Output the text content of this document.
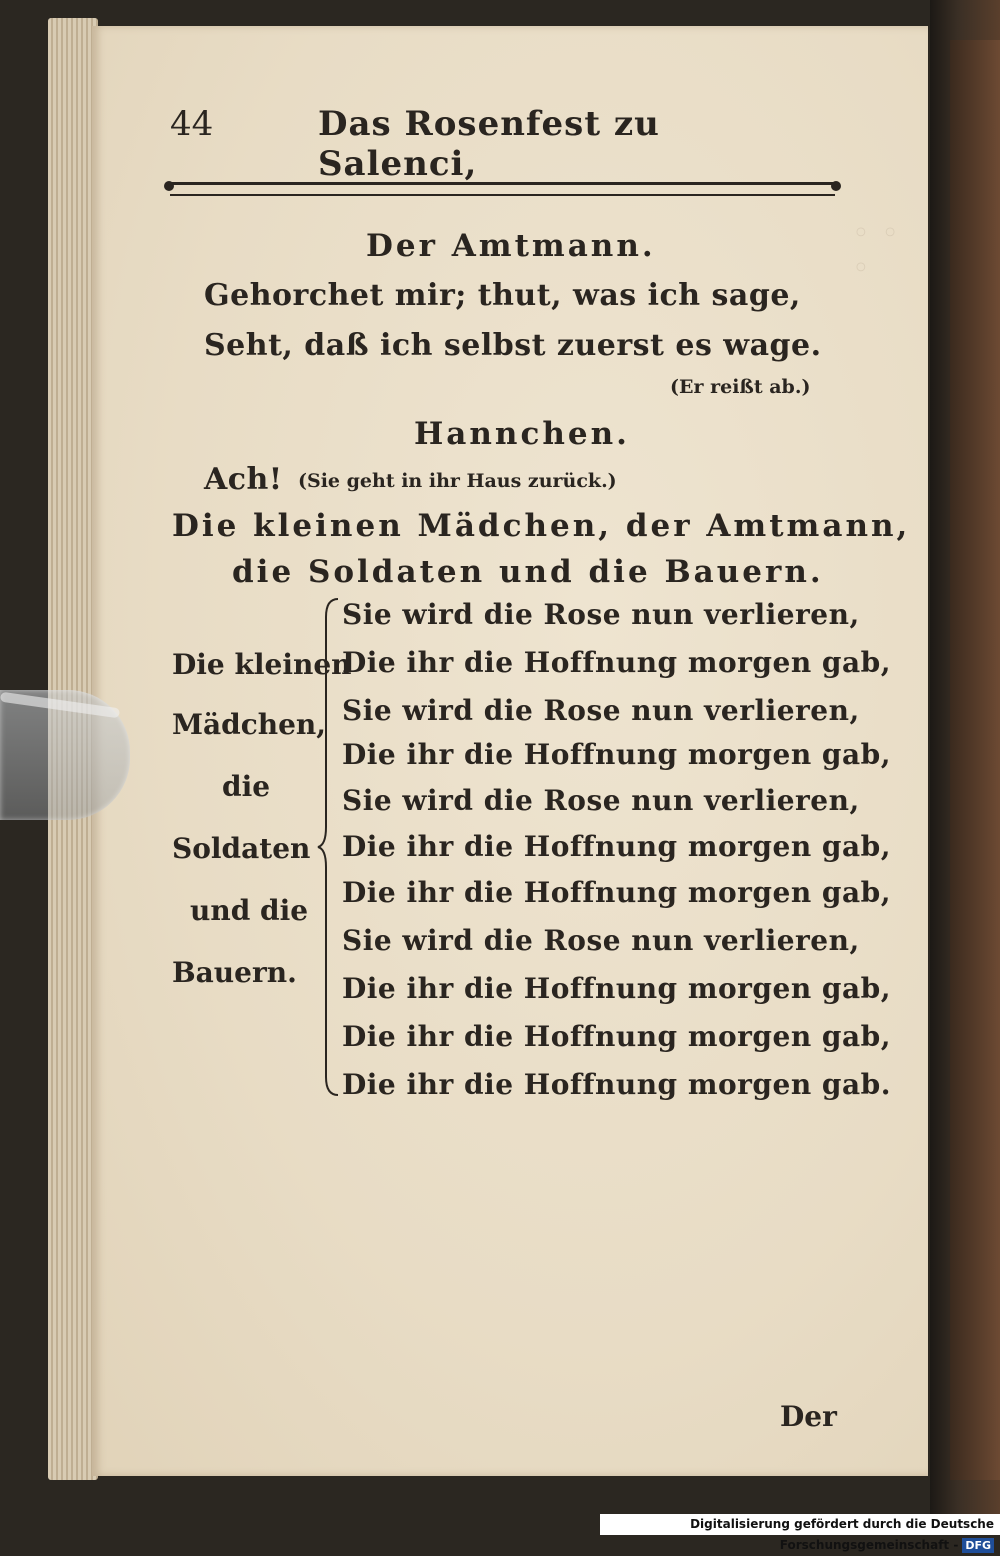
◦ ◦ ◦
44	Das Rosenfest zu Salenci,
Der Amtmann.
Gehorchet mir; thut, was ich sage,
Seht, daß ich selbst zuerst es wage.
(Er reißt ab.)
Hannchen.
Ach! (Sie geht in ihr Haus zurück.)
Die kleinen Mädchen, der Amtmann,
die Soldaten und die Bauern.
Die kleinen
Mädchen,
die
Soldaten
und die
Bauern.
Sie wird die Rose nun verlieren,
Die ihr die Hoffnung morgen gab,
Sie wird die Rose nun verlieren,
Die ihr die Hoffnung morgen gab,
Sie wird die Rose nun verlieren,
Die ihr die Hoffnung morgen gab,
Die ihr die Hoffnung morgen gab,
Sie wird die Rose nun verlieren,
Die ihr die Hoffnung morgen gab,
Die ihr die Hoffnung morgen gab,
Die ihr die Hoffnung morgen gab.
Der
Digitalisierung gefördert durch die Deutsche Forschungsgemeinschaft - DFG
